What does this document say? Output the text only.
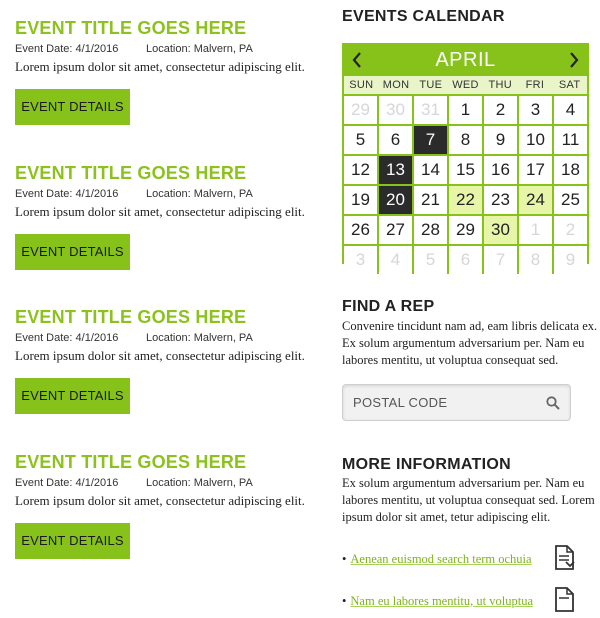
EVENT TITLE GOES HERE
Event Date: 4/1/2016	Location: Malvern, PA
Lorem ipsum dolor sit amet, consectetur adipiscing elit.
EVENT DETAILS
EVENT TITLE GOES HERE
Event Date: 4/1/2016	Location: Malvern, PA
Lorem ipsum dolor sit amet, consectetur adipiscing elit.
EVENT DETAILS
EVENT TITLE GOES HERE
Event Date: 4/1/2016	Location: Malvern, PA
Lorem ipsum dolor sit amet, consectetur adipiscing elit.
EVENT DETAILS
EVENT TITLE GOES HERE
Event Date: 4/1/2016	Location: Malvern, PA
Lorem ipsum dolor sit amet, consectetur adipiscing elit.
EVENT DETAILS
EVENTS CALENDAR
APRIL
SUN MON TUE WED THU	FRI	SAT
29 30 31	1	2	3	4
5	6	7	8	9	10 11
12 13 14 15 16 17 18
19 20 21 22 23 24 25
26 27 28 29 30	1	2
3	4	5	6	7	8	9
FIND A REP
Convenire tincidunt nam ad, eam libris delicata ex. Ex solum argumentum adversarium per. Nam eu labores mentitu, ut voluptua consequat sed.
POSTAL CODE
MORE INFORMATION
Ex solum argumentum adversarium per. Nam eu labores mentitu, ut voluptua consequat sed. Lorem ipsum dolor sit amet, tetur adipiscing elit.
• Aenean euismod search term ochuia
• Nam eu labores mentitu, ut voluptua
